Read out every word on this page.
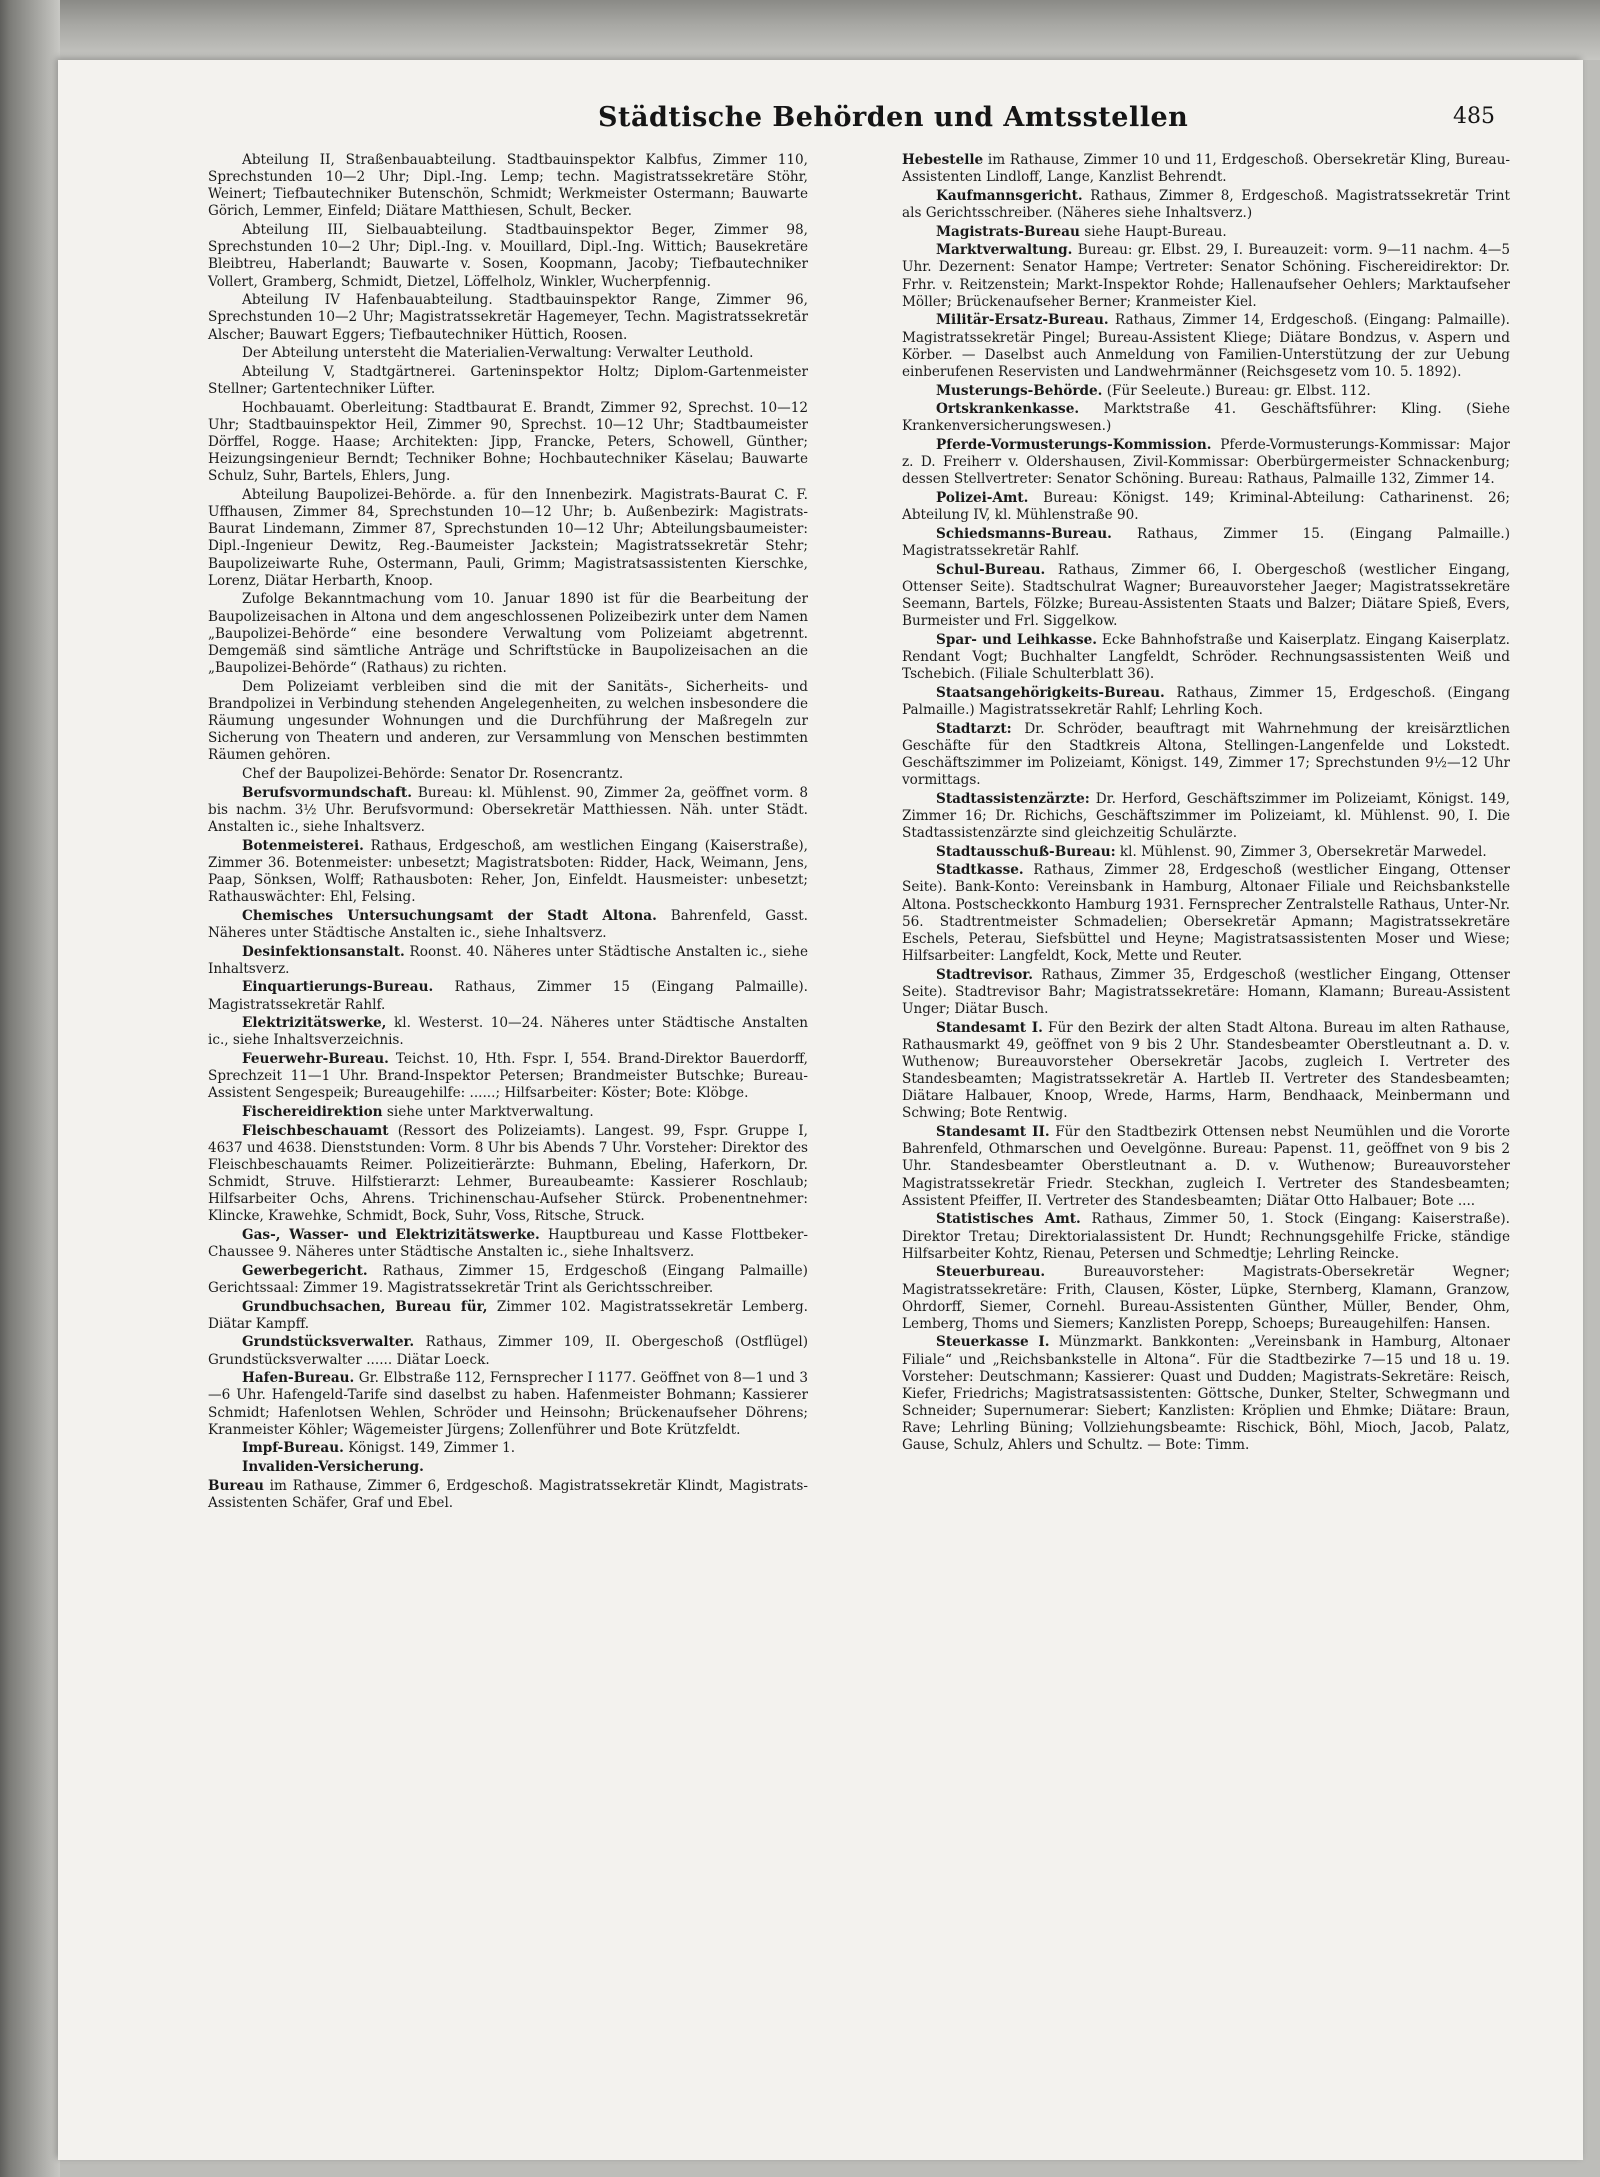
Städtische Behörden und Amtsstellen	485

Abteilung II, Straßenbauabteilung. Stadtbauinspektor Kalbfus, Zimmer 110, Sprechstunden 10—2 Uhr; Dipl.-Ing. Lemp; techn. Magistratssekretäre Stöhr, Weinert; Tiefbautechniker Butenschön, Schmidt; Werkmeister Ostermann; Bauwarte Görich, Lemmer, Einfeld; Diätare Matthiesen, Schult, Becker.

Abteilung III, Sielbauabteilung. Stadtbauinspektor Beger, Zimmer 98, Sprechstunden 10—2 Uhr; Dipl.-Ing. v. Mouillard, Dipl.-Ing. Wittich; Bausekretäre Bleibtreu, Haberlandt; Bauwarte v. Sosen, Koopmann, Jacoby; Tiefbautechniker Vollert, Gramberg, Schmidt, Dietzel, Löffelholz, Winkler, Wucherpfennig.

Abteilung IV Hafenbauabteilung. Stadtbauinspektor Range, Zimmer 96, Sprechstunden 10—2 Uhr; Magistratssekretär Hagemeyer, Techn. Magistratssekretär Alscher; Bauwart Eggers; Tiefbautechniker Hüttich, Roosen.

Der Abteilung untersteht die Materialien-Verwaltung: Verwalter Leuthold.

Abteilung V, Stadtgärtnerei. Garteninspektor Holtz; Diplom-Gartenmeister Stellner; Gartentechniker Lüfter.

Hochbauamt. Oberleitung: Stadtbaurat E. Brandt, Zimmer 92, Sprechst. 10—12 Uhr; Stadtbauinspektor Heil, Zimmer 90, Sprechst. 10—12 Uhr; Stadtbaumeister Dörffel, Rogge. Haase; Architekten: Jipp, Francke, Peters, Schowell, Günther; Heizungsingenieur Berndt; Techniker Bohne; Hochbautechniker Käselau; Bauwarte Schulz, Suhr, Bartels, Ehlers, Jung.

Abteilung Baupolizei-Behörde. a. für den Innenbezirk. Magistrats-Baurat C. F. Uffhausen, Zimmer 84, Sprechstunden 10—12 Uhr; b. Außenbezirk: Magistrats-Baurat Lindemann, Zimmer 87, Sprechstunden 10—12 Uhr; Abteilungsbaumeister: Dipl.-Ingenieur Dewitz, Reg.-Baumeister Jackstein; Magistratssekretär Stehr; Baupolizeiwarte Ruhe, Ostermann, Pauli, Grimm; Magistratsassistenten Kierschke, Lorenz, Diätar Herbarth, Knoop.

Zufolge Bekanntmachung vom 10. Januar 1890 ist für die Bearbeitung der Baupolizeisachen in Altona und dem angeschlossenen Polizeibezirk unter dem Namen „Baupolizei-Behörde“ eine besondere Verwaltung vom Polizeiamt abgetrennt. Demgemäß sind sämtliche Anträge und Schriftstücke in Baupolizeisachen an die „Baupolizei-Behörde“ (Rathaus) zu richten.

Dem Polizeiamt verbleiben sind die mit der Sanitäts-, Sicherheits- und Brandpolizei in Verbindung stehenden Angelegenheiten, zu welchen insbesondere die Räumung ungesunder Wohnungen und die Durchführung der Maßregeln zur Sicherung von Theatern und anderen, zur Versammlung von Menschen bestimmten Räumen gehören.

Chef der Baupolizei-Behörde: Senator Dr. Rosencrantz.

Berufsvormundschaft. Bureau: kl. Mühlenst. 90, Zimmer 2a, geöffnet vorm. 8 bis nachm. 3½ Uhr. Berufsvormund: Obersekretär Matthiessen. Näh. unter Städt. Anstalten ic., siehe Inhaltsverz.

Botenmeisterei. Rathaus, Erdgeschoß, am westlichen Eingang (Kaiserstraße), Zimmer 36. Botenmeister: unbesetzt; Magistratsboten: Ridder, Hack, Weimann, Jens, Paap, Sönksen, Wolff; Rathausboten: Reher, Jon, Einfeldt. Hausmeister: unbesetzt; Rathauswächter: Ehl, Felsing.

Chemisches Untersuchungsamt der Stadt Altona. Bahrenfeld, Gasst. Näheres unter Städtische Anstalten ic., siehe Inhaltsverz.

Desinfektionsanstalt. Roonst. 40. Näheres unter Städtische Anstalten ic., siehe Inhaltsverz.

Einquartierungs-Bureau. Rathaus, Zimmer 15 (Eingang Palmaille). Magistratssekretär Rahlf.

Elektrizitätswerke, kl. Westerst. 10—24. Näheres unter Städtische Anstalten ic., siehe Inhaltsverzeichnis.

Feuerwehr-Bureau. Teichst. 10, Hth. Fspr. I, 554. Brand-Direktor Bauerdorff, Sprechzeit 11—1 Uhr. Brand-Inspektor Petersen; Brandmeister Butschke; Bureau-Assistent Sengespeik; Bureaugehilfe: ......; Hilfsarbeiter: Köster; Bote: Klöbge.

Fischereidirektion siehe unter Marktverwaltung.

Fleischbeschauamt (Ressort des Polizeiamts). Langest. 99, Fspr. Gruppe I, 4637 und 4638. Dienststunden: Vorm. 8 Uhr bis Abends 7 Uhr. Vorsteher: Direktor des Fleischbeschauamts Reimer. Polizeitierärzte: Buhmann, Ebeling, Haferkorn, Dr. Schmidt, Struve. Hilfstierarzt: Lehmer, Bureaubeamte: Kassierer Roschlaub; Hilfsarbeiter Ochs, Ahrens. Trichinenschau-Aufseher Stürck. Probenentnehmer: Klincke, Krawehke, Schmidt, Bock, Suhr, Voss, Ritsche, Struck.

Gas-, Wasser- und Elektrizitätswerke. Hauptbureau und Kasse Flottbeker-Chaussee 9. Näheres unter Städtische Anstalten ic., siehe Inhaltsverz.

Gewerbegericht. Rathaus, Zimmer 15, Erdgeschoß (Eingang Palmaille) Gerichtssaal: Zimmer 19. Magistratssekretär Trint als Gerichtsschreiber.

Grundbuchsachen, Bureau für, Zimmer 102. Magistratssekretär Lemberg. Diätar Kampff.

Grundstücksverwalter. Rathaus, Zimmer 109, II. Obergeschoß (Ostflügel) Grundstücksverwalter ...... Diätar Loeck.

Hafen-Bureau. Gr. Elbstraße 112, Fernsprecher I 1177. Geöffnet von 8—1 und 3—6 Uhr. Hafengeld-Tarife sind daselbst zu haben. Hafenmeister Bohmann; Kassierer Schmidt; Hafenlotsen Wehlen, Schröder und Heinsohn; Brückenaufseher Döhrens; Kranmeister Köhler; Wägemeister Jürgens; Zollenführer und Bote Krützfeldt.

Impf-Bureau. Königst. 149, Zimmer 1.

Invaliden-Versicherung.

Bureau im Rathause, Zimmer 6, Erdgeschoß. Magistratssekretär Klindt, Magistrats-Assistenten Schäfer, Graf und Ebel.

Hebestelle im Rathause, Zimmer 10 und 11, Erdgeschoß. Obersekretär Kling, Bureau-Assistenten Lindloff, Lange, Kanzlist Behrendt.

Kaufmannsgericht. Rathaus, Zimmer 8, Erdgeschoß. Magistratssekretär Trint als Gerichtsschreiber. (Näheres siehe Inhaltsverz.)

Magistrats-Bureau siehe Haupt-Bureau.

Marktverwaltung. Bureau: gr. Elbst. 29, I. Bureauzeit: vorm. 9—11 nachm. 4—5 Uhr. Dezernent: Senator Hampe; Vertreter: Senator Schöning. Fischereidirektor: Dr. Frhr. v. Reitzenstein; Markt-Inspektor Rohde; Hallenaufseher Oehlers; Marktaufseher Möller; Brückenaufseher Berner; Kranmeister Kiel.

Militär-Ersatz-Bureau. Rathaus, Zimmer 14, Erdgeschoß. (Eingang: Palmaille). Magistratssekretär Pingel; Bureau-Assistent Kliege; Diätare Bondzus, v. Aspern und Körber. — Daselbst auch Anmeldung von Familien-Unterstützung der zur Uebung einberufenen Reservisten und Landwehrmänner (Reichsgesetz vom 10. 5. 1892).

Musterungs-Behörde. (Für Seeleute.) Bureau: gr. Elbst. 112.

Ortskrankenkasse. Marktstraße 41. Geschäftsführer: Kling. (Siehe Krankenversicherungswesen.)

Pferde-Vormusterungs-Kommission. Pferde-Vormusterungs-Kommissar: Major z. D. Freiherr v. Oldershausen, Zivil-Kommissar: Oberbürgermeister Schnackenburg; dessen Stellvertreter: Senator Schöning. Bureau: Rathaus, Palmaille 132, Zimmer 14.

Polizei-Amt. Bureau: Königst. 149; Kriminal-Abteilung: Catharinenst. 26; Abteilung IV, kl. Mühlenstraße 90.

Schiedsmanns-Bureau. Rathaus, Zimmer 15. (Eingang Palmaille.) Magistratssekretär Rahlf.

Schul-Bureau. Rathaus, Zimmer 66, I. Obergeschoß (westlicher Eingang, Ottenser Seite). Stadtschulrat Wagner; Bureauvorsteher Jaeger; Magistratssekretäre Seemann, Bartels, Fölzke; Bureau-Assistenten Staats und Balzer; Diätare Spieß, Evers, Burmeister und Frl. Siggelkow.

Spar- und Leihkasse. Ecke Bahnhofstraße und Kaiserplatz. Eingang Kaiserplatz. Rendant Vogt; Buchhalter Langfeldt, Schröder. Rechnungsassistenten Weiß und Tschebich. (Filiale Schulterblatt 36).

Staatsangehörigkeits-Bureau. Rathaus, Zimmer 15, Erdgeschoß. (Eingang Palmaille.) Magistratssekretär Rahlf; Lehrling Koch.

Stadtarzt: Dr. Schröder, beauftragt mit Wahrnehmung der kreisärztlichen Geschäfte für den Stadtkreis Altona, Stellingen-Langenfelde und Lokstedt. Geschäftszimmer im Polizeiamt, Königst. 149, Zimmer 17; Sprechstunden 9½—12 Uhr vormittags.

Stadtassistenzärzte: Dr. Herford, Geschäftszimmer im Polizeiamt, Königst. 149, Zimmer 16; Dr. Richichs, Geschäftszimmer im Polizeiamt, kl. Mühlenst. 90, I. Die Stadtassistenzärzte sind gleichzeitig Schulärzte.

Stadtausschuß-Bureau: kl. Mühlenst. 90, Zimmer 3, Obersekretär Marwedel.

Stadtkasse. Rathaus, Zimmer 28, Erdgeschoß (westlicher Eingang, Ottenser Seite). Bank-Konto: Vereinsbank in Hamburg, Altonaer Filiale und Reichsbankstelle Altona. Postscheckkonto Hamburg 1931. Fernsprecher Zentralstelle Rathaus, Unter-Nr. 56. Stadtrentmeister Schmadelien; Obersekretär Apmann; Magistratssekretäre Eschels, Peterau, Siefsbüttel und Heyne; Magistratsassistenten Moser und Wiese; Hilfsarbeiter: Langfeldt, Kock, Mette und Reuter.

Stadtrevisor. Rathaus, Zimmer 35, Erdgeschoß (westlicher Eingang, Ottenser Seite). Stadtrevisor Bahr; Magistratssekretäre: Homann, Klamann; Bureau-Assistent Unger; Diätar Busch.

Standesamt I. Für den Bezirk der alten Stadt Altona. Bureau im alten Rathause, Rathausmarkt 49, geöffnet von 9 bis 2 Uhr. Standesbeamter Oberstleutnant a. D. v. Wuthenow; Bureauvorsteher Obersekretär Jacobs, zugleich I. Vertreter des Standesbeamten; Magistratssekretär A. Hartleb II. Vertreter des Standesbeamten; Diätare Halbauer, Knoop, Wrede, Harms, Harm, Bendhaack, Meinbermann und Schwing; Bote Rentwig.

Standesamt II. Für den Stadtbezirk Ottensen nebst Neumühlen und die Vororte Bahrenfeld, Othmarschen und Oevelgönne. Bureau: Papenst. 11, geöffnet von 9 bis 2 Uhr. Standesbeamter Oberstleutnant a. D. v. Wuthenow; Bureauvorsteher Magistratssekretär Friedr. Steckhan, zugleich I. Vertreter des Standesbeamten; Assistent Pfeiffer, II. Vertreter des Standesbeamten; Diätar Otto Halbauer; Bote ....

Statistisches Amt. Rathaus, Zimmer 50, 1. Stock (Eingang: Kaiserstraße). Direktor Tretau; Direktorialassistent Dr. Hundt; Rechnungsgehilfe Fricke, ständige Hilfsarbeiter Kohtz, Rienau, Petersen und Schmedtje; Lehrling Reincke.

Steuerbureau. Bureauvorsteher: Magistrats-Obersekretär Wegner; Magistratssekretäre: Frith, Clausen, Köster, Lüpke, Sternberg, Klamann, Granzow, Ohrdorff, Siemer, Cornehl. Bureau-Assistenten Günther, Müller, Bender, Ohm, Lemberg, Thoms und Siemers; Kanzlisten Porepp, Schoeps; Bureaugehilfen: Hansen.

Steuerkasse I. Münzmarkt. Bankkonten: „Vereinsbank in Hamburg, Altonaer Filiale“ und „Reichsbankstelle in Altona“. Für die Stadtbezirke 7—15 und 18 u. 19. Vorsteher: Deutschmann; Kassierer: Quast und Dudden; Magistrats-Sekretäre: Reisch, Kiefer, Friedrichs; Magistratsassistenten: Göttsche, Dunker, Stelter, Schwegmann und Schneider; Supernumerar: Siebert; Kanzlisten: Kröplien und Ehmke; Diätare: Braun, Rave; Lehrling Büning; Vollziehungsbeamte: Rischick, Böhl, Mioch, Jacob, Palatz, Gause, Schulz, Ahlers und Schultz. — Bote: Timm.
